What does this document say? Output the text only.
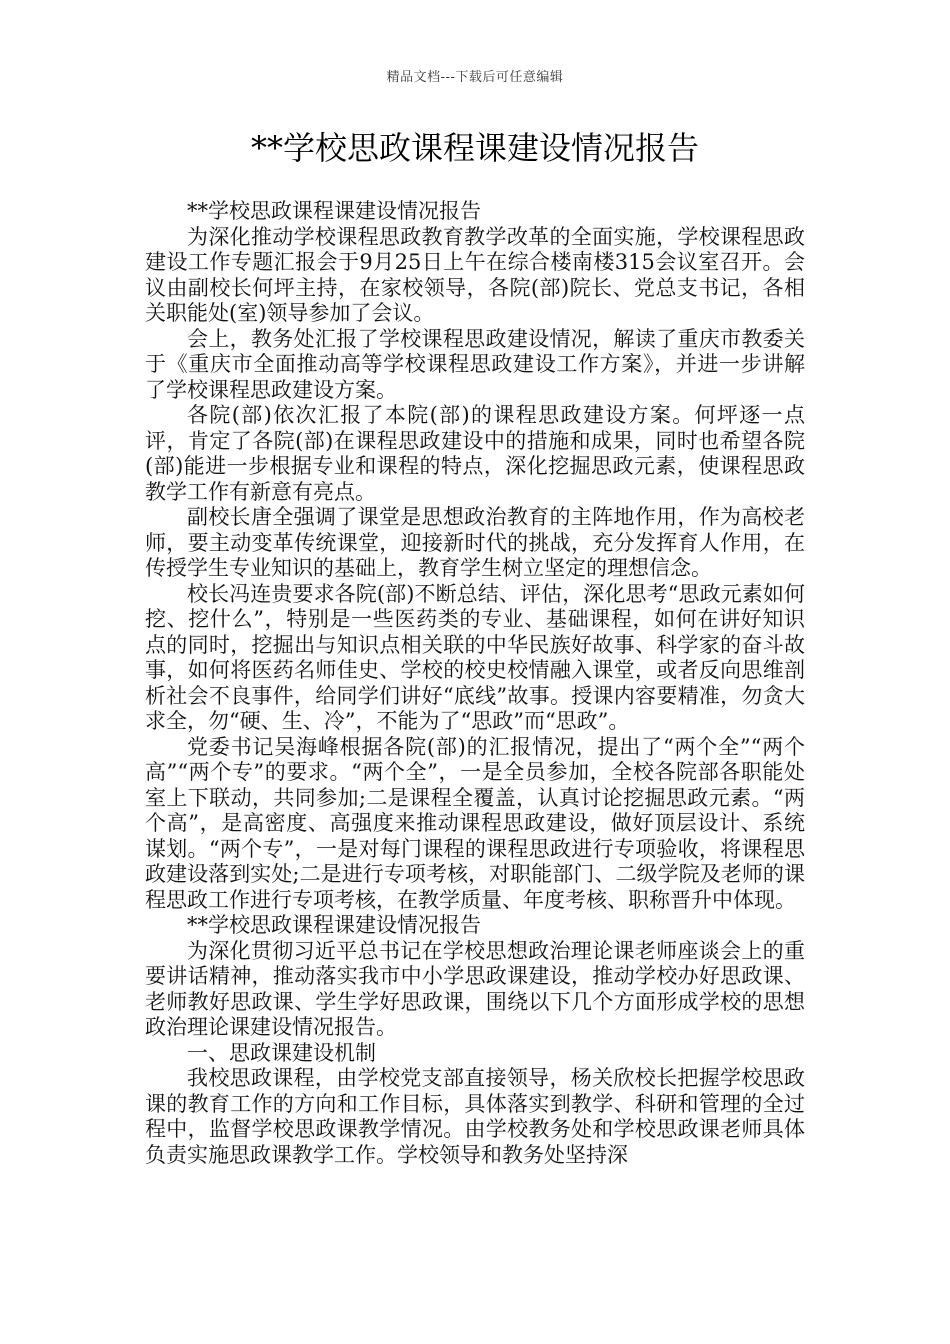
精品文档---下载后可任意编辑
**学校思政课程课建设情况报告

**学校思政课程课建设情况报告

为深化推动学校课程思政教育教学改革的全面实施，学校课程思政建设工作专题汇报会于9月25日上午在综合楼南楼315会议室召开。会议由副校长何坪主持，在家校领导，各院(部)院长、党总支书记，各相关职能处(室)领导参加了会议。

会上，教务处汇报了学校课程思政建设情况，解读了重庆市教委关于《重庆市全面推动高等学校课程思政建设工作方案》，并进一步讲解了学校课程思政建设方案。

各院(部)依次汇报了本院(部)的课程思政建设方案。何坪逐一点评，肯定了各院(部)在课程思政建设中的措施和成果，同时也希望各院(部)能进一步根据专业和课程的特点，深化挖掘思政元素，使课程思政教学工作有新意有亮点。

副校长唐全强调了课堂是思想政治教育的主阵地作用，作为高校老师，要主动变革传统课堂，迎接新时代的挑战，充分发挥育人作用，在传授学生专业知识的基础上，教育学生树立坚定的理想信念。

校长冯连贵要求各院(部)不断总结、评估，深化思考“思政元素如何挖、挖什么”，特别是一些医药类的专业、基础课程，如何在讲好知识点的同时，挖掘出与知识点相关联的中华民族好故事、科学家的奋斗故事，如何将医药名师佳史、学校的校史校情融入课堂，或者反向思维剖析社会不良事件，给同学们讲好“底线”故事。授课内容要精准，勿贪大求全，勿“硬、生、冷”，不能为了“思政”而“思政”。

党委书记吴海峰根据各院(部)的汇报情况，提出了“两个全”“两个高”“两个专”的要求。“两个全”，一是全员参加，全校各院部各职能处室上下联动，共同参加;二是课程全覆盖，认真讨论挖掘思政元素。“两个高”，是高密度、高强度来推动课程思政建设，做好顶层设计、系统谋划。“两个专”，一是对每门课程的课程思政进行专项验收，将课程思政建设落到实处;二是进行专项考核，对职能部门、二级学院及老师的课程思政工作进行专项考核，在教学质量、年度考核、职称晋升中体现。

**学校思政课程课建设情况报告

为深化贯彻习近平总书记在学校思想政治理论课老师座谈会上的重要讲话精神，推动落实我市中小学思政课建设，推动学校办好思政课、老师教好思政课、学生学好思政课，围绕以下几个方面形成学校的思想政治理论课建设情况报告。

一、思政课建设机制

我校思政课程，由学校党支部直接领导，杨关欣校长把握学校思政课的教育工作的方向和工作目标，具体落实到教学、科研和管理的全过程中，监督学校思政课教学情况。由学校教务处和学校思政课老师具体负责实施思政课教学工作。学校领导和教务处坚持深
